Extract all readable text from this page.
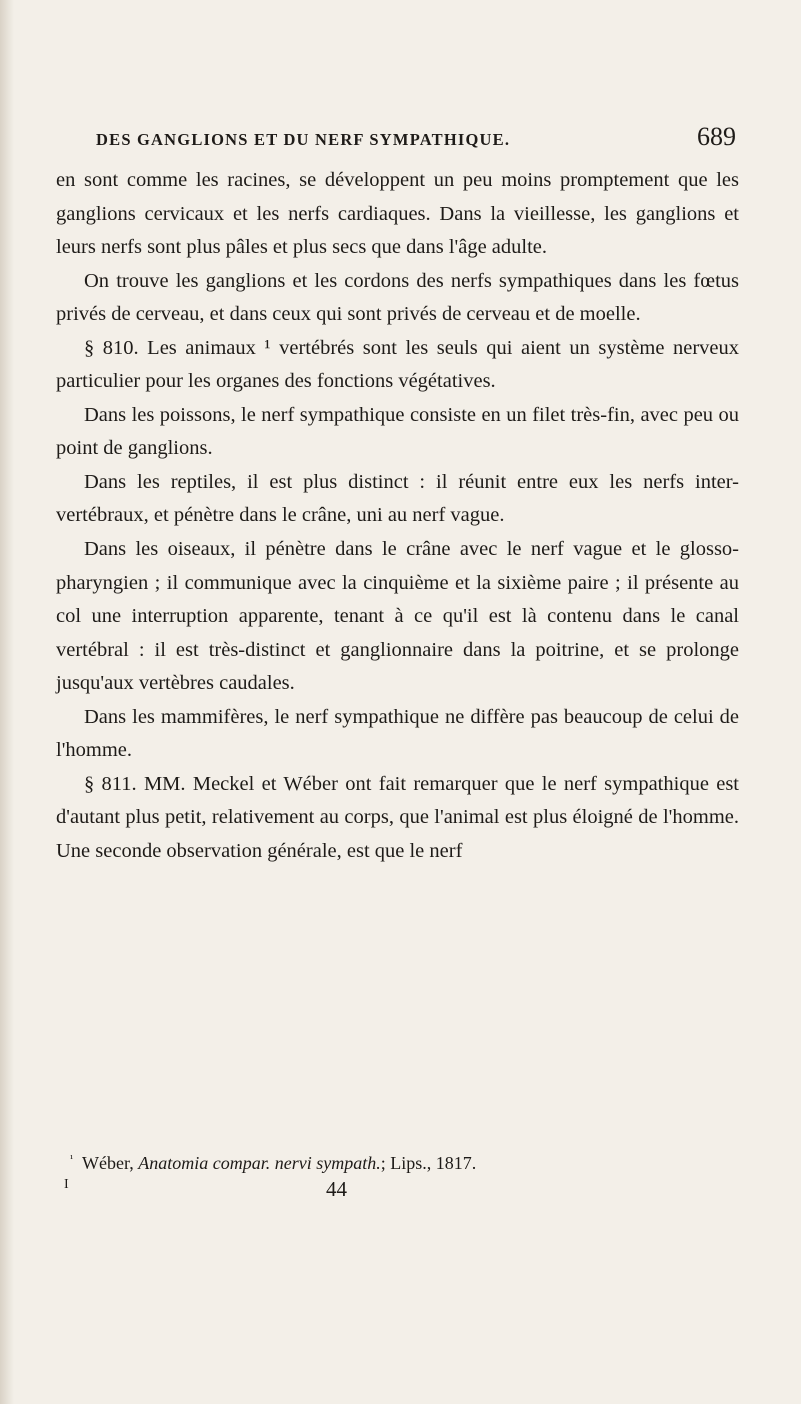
DES GANGLIONS ET DU NERF SYMPATHIQUE.	689

en sont comme les racines, se développent un peu moins promptement que les ganglions cervicaux et les nerfs cardiaques. Dans la vieillesse, les ganglions et leurs nerfs sont plus pâles et plus secs que dans l'âge adulte.

On trouve les ganglions et les cordons des nerfs sympathiques dans les fœtus privés de cerveau, et dans ceux qui sont privés de cerveau et de moelle.

§ 810. Les animaux ¹ vertébrés sont les seuls qui aient un système nerveux particulier pour les organes des fonctions végétatives.

Dans les poissons, le nerf sympathique consiste en un filet très-fin, avec peu ou point de ganglions.

Dans les reptiles, il est plus distinct : il réunit entre eux les nerfs inter-vertébraux, et pénètre dans le crâne, uni au nerf vague.

Dans les oiseaux, il pénètre dans le crâne avec le nerf vague et le glosso-pharyngien ; il communique avec la cinquième et la sixième paire ; il présente au col une interruption apparente, tenant à ce qu'il est là contenu dans le canal vertébral : il est très-distinct et ganglionnaire dans la poitrine, et se prolonge jusqu'aux vertèbres caudales.

Dans les mammifères, le nerf sympathique ne diffère pas beaucoup de celui de l'homme.

§ 811. MM. Meckel et Wéber ont fait remarquer que le nerf sympathique est d'autant plus petit, relativement au corps, que l'animal est plus éloigné de l'homme. Une seconde observation générale, est que le nerf

¹ Wéber, Anatomia compar. nervi sympath.; Lips., 1817.
I	44
